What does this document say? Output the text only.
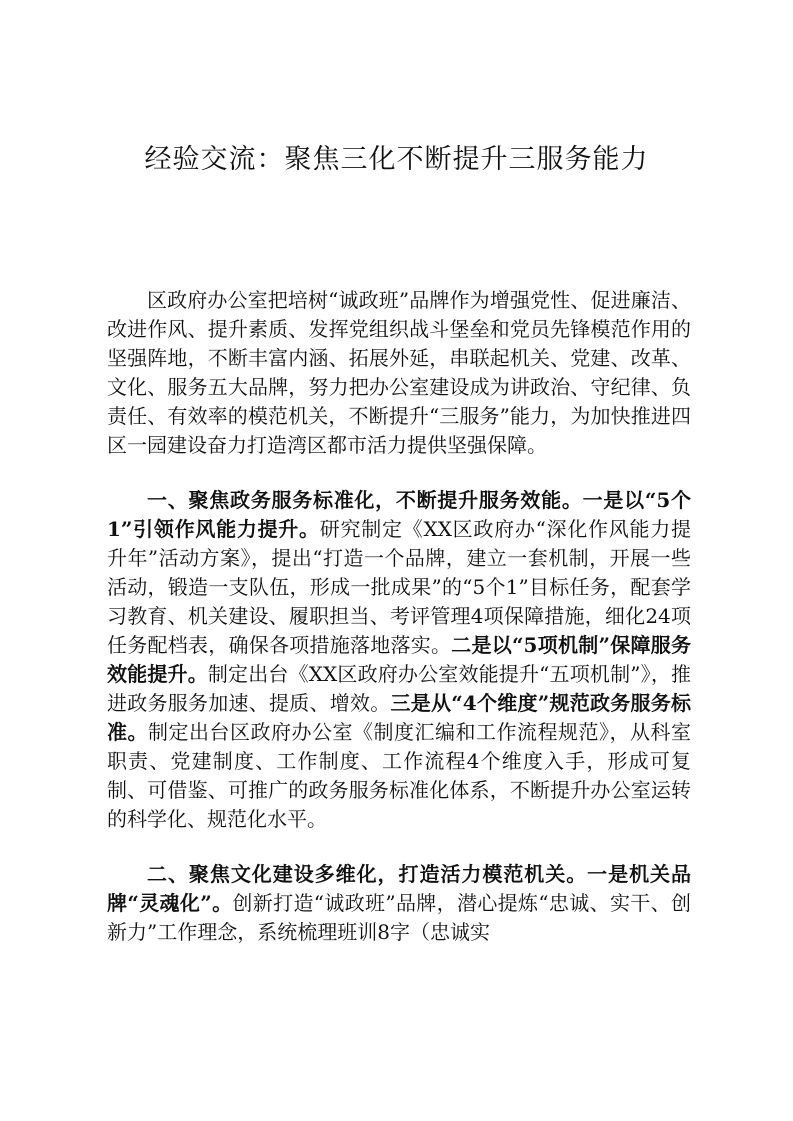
经验交流：聚焦三化不断提升三服务能力

区政府办公室把培树“诚政班”品牌作为增强党性、促进廉洁、改进作风、提升素质、发挥党组织战斗堡垒和党员先锋模范作用的坚强阵地，不断丰富内涵、拓展外延，串联起机关、党建、改革、文化、服务五大品牌，努力把办公室建设成为讲政治、守纪律、负责任、有效率的模范机关，不断提升“三服务”能力，为加快推进四区一园建设奋力打造湾区都市活力提供坚强保障。

一、聚焦政务服务标准化，不断提升服务效能。一是以“5个1”引领作风能力提升。研究制定《XX区政府办“深化作风能力提升年”活动方案》，提出“打造一个品牌，建立一套机制，开展一些活动，锻造一支队伍，形成一批成果”的“5个1”目标任务，配套学习教育、机关建设、履职担当、考评管理4项保障措施，细化24项任务配档表，确保各项措施落地落实。二是以“5项机制”保障服务效能提升。制定出台《XX区政府办公室效能提升“五项机制”》，推进政务服务加速、提质、增效。三是从“4个维度”规范政务服务标准。制定出台区政府办公室《制度汇编和工作流程规范》，从科室职责、党建制度、工作制度、工作流程4个维度入手，形成可复制、可借鉴、可推广的政务服务标准化体系，不断提升办公室运转的科学化、规范化水平。

二、聚焦文化建设多维化，打造活力模范机关。一是机关品牌“灵魂化”。创新打造“诚政班”品牌，潜心提炼“忠诚、实干、创新力”工作理念，系统梳理班训8字（忠诚实
